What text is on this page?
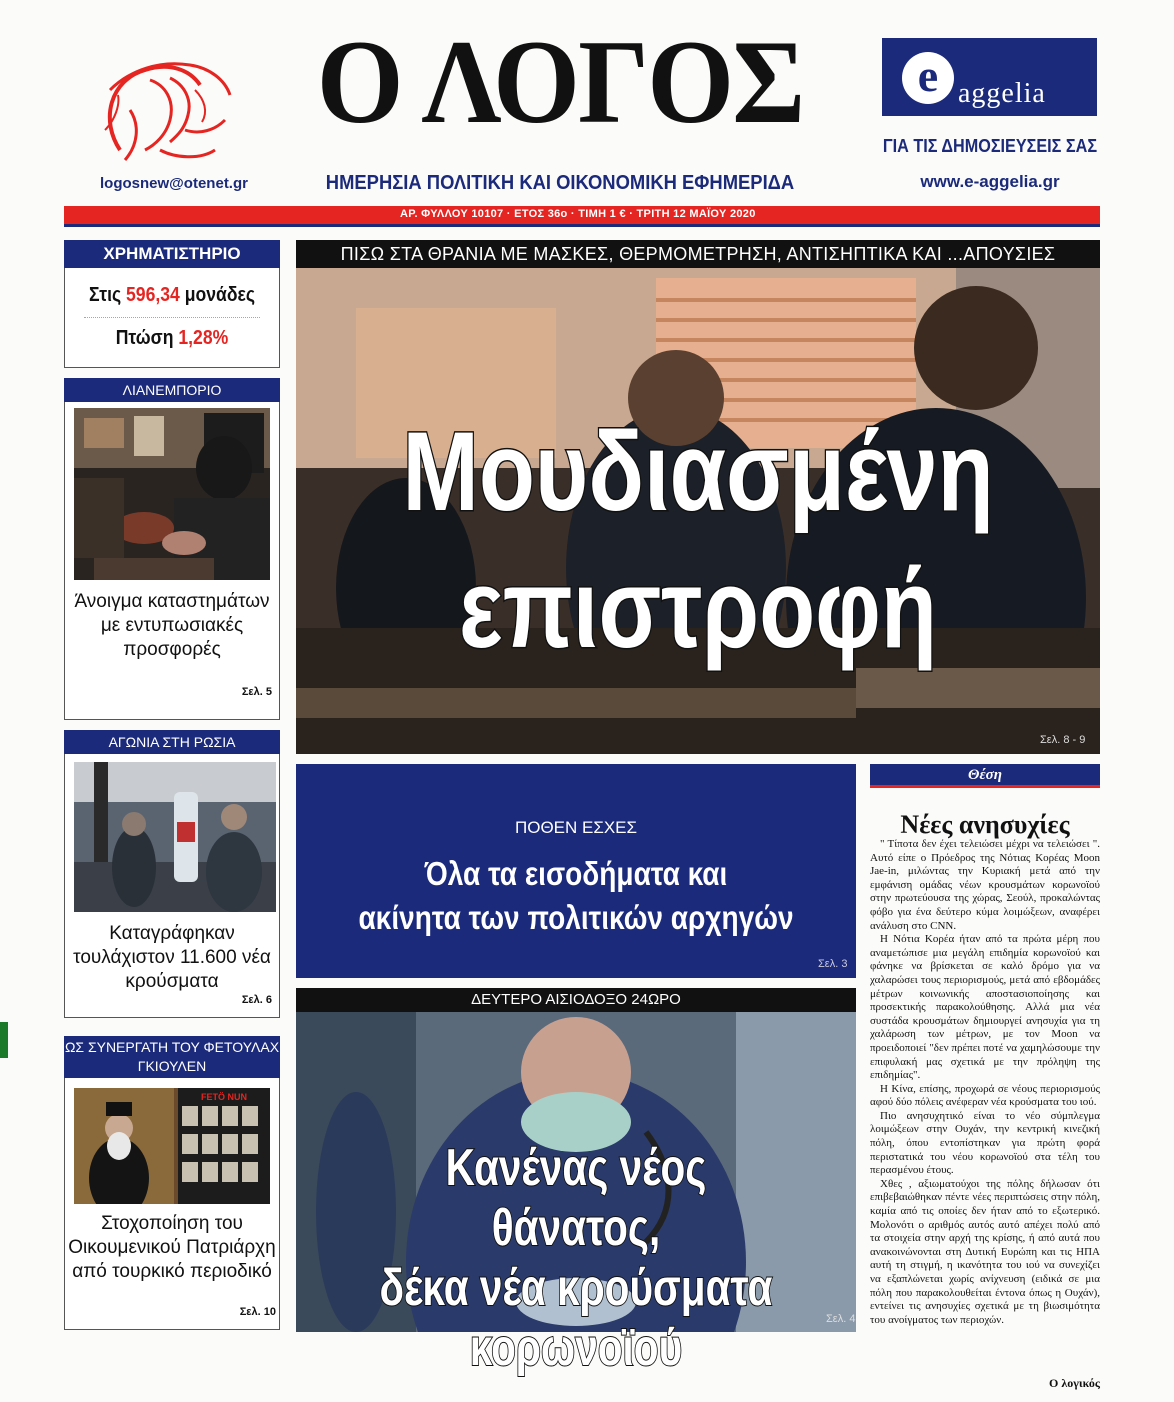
logosnew@otenet.gr
Ο ΛΟΓΟΣ
ΗΜΕΡΗΣΙΑ ΠΟΛΙΤΙΚΗ ΚΑΙ ΟΙΚΟΝΟΜΙΚΗ ΕΦΗΜΕΡΙΔΑ
e aggelia
ΓΙΑ ΤΙΣ ΔΗΜΟΣΙΕΥΣΕΙΣ ΣΑΣ
www.e-aggelia.gr
ΑΡ. ΦΥΛΛΟΥ 10107 · ΕΤΟΣ 36ο · ΤΙΜΗ 1 € · ΤΡΙΤΗ 12 ΜΑΪΟΥ 2020
ΧΡΗΜΑΤΙΣΤΗΡΙΟ
Στις 596,34 μονάδες
Πτώση 1,28%
ΛΙΑΝΕΜΠΟΡΙΟ
Άνοιγμα καταστημάτων με εντυπωσιακές προσφορές
Σελ. 5
ΑΓΩΝΙΑ ΣΤΗ ΡΩΣΙΑ
Καταγράφηκαν τουλάχιστον 11.600 νέα κρούσματα
Σελ. 6
ΩΣ ΣΥΝΕΡΓΑΤΗ ΤΟΥ ΦΕΤΟΥΛΑΧ ΓΚΙΟΥΛΕΝ
FETÖ NUN
Στοχοποίηση του Οικουμενικού Πατριάρχη από τουρκικό περιοδικό
Σελ. 10
ΠΙΣΩ ΣΤΑ ΘΡΑΝΙΑ ΜΕ ΜΑΣΚΕΣ, ΘΕΡΜΟΜΕΤΡΗΣΗ, ΑΝΤΙΣΗΠΤΙΚΑ ΚΑΙ ...ΑΠΟΥΣΙΕΣ
Μουδιασμένη
επιστροφή
Σελ. 8 - 9
ΠΟΘΕΝ ΕΣΧΕΣ
Όλα τα εισοδήματα και
ακίνητα των πολιτικών αρχηγών
Σελ. 3
ΔΕΥΤΕΡΟ ΑΙΣΙΟΔΟΞΟ 24ΩΡΟ
Κανένας νέος θάνατος,
δέκα νέα κρούσματα κορωνοϊού	Σελ. 4
Θέση
Νέες ανησυχίες

" Τίποτα δεν έχει τελειώσει μέχρι να τελειώσει ". Αυτό είπε ο Πρόεδρος της Νότιας Κορέας Moon Jae-in, μιλώντας την Κυριακή μετά από την εμφάνιση ομάδας νέων κρουσμάτων κορωνοϊού στην πρωτεύουσα της χώρας, Σεούλ, προκαλώντας φόβο για ένα δεύτερο κύμα λοιμώξεων, αναφέρει ανάλυση στο CNN.

Η Νότια Κορέα ήταν από τα πρώτα μέρη που αναμετώπισε μια μεγάλη επιδημία κορωνοϊού και φάνηκε να βρίσκεται σε καλό δρόμο για να χαλαρώσει τους περιορισμούς, μετά από εβδομάδες μέτρων κοινωνικής αποστασιοποίησης και προσεκτικής παρακολούθησης. Αλλά μια νέα συστάδα κρουσμάτων δημιουργεί ανησυχία για τη χαλάρωση των μέτρων, με τον Moon να προειδοποιεί "δεν πρέπει ποτέ να χαμηλώσουμε την επιφυλακή μας σχετικά με την πρόληψη της επιδημίας".

Η Κίνα, επίσης, προχωρά σε νέους περιορισμούς αφού δύο πόλεις ανέφεραν νέα κρούσματα του ιού.

Πιο ανησυχητικό είναι το νέο σύμπλεγμα λοιμώξεων στην Ουχάν, την κεντρική κινεζική πόλη, όπου εντοπίστηκαν για πρώτη φορά περιστατικά του νέου κορωνοϊού στα τέλη του περασμένου έτους.

Χθες , αξιωματούχοι της πόλης δήλωσαν ότι επιβεβαιώθηκαν πέντε νέες περιπτώσεις στην πόλη, καμία από τις οποίες δεν ήταν από το εξωτερικό. Μολονότι ο αριθμός αυτός αυτό απέχει πολύ από τα στοιχεία στην αρχή της κρίσης, ή από αυτά που ανακοινώνονται στη Δυτική Ευρώπη και τις ΗΠΑ αυτή τη στιγμή, η ικανότητα του ιού να συνεχίζει να εξαπλώνεται χωρίς ανίχνευση (ειδικά σε μια πόλη που παρακολουθείται έντονα όπως η Ουχάν), εντείνει τις ανησυχίες σχετικά με τη βιωσιμότητα του ανοίγματος των περιοχών.

Ο λογικός
